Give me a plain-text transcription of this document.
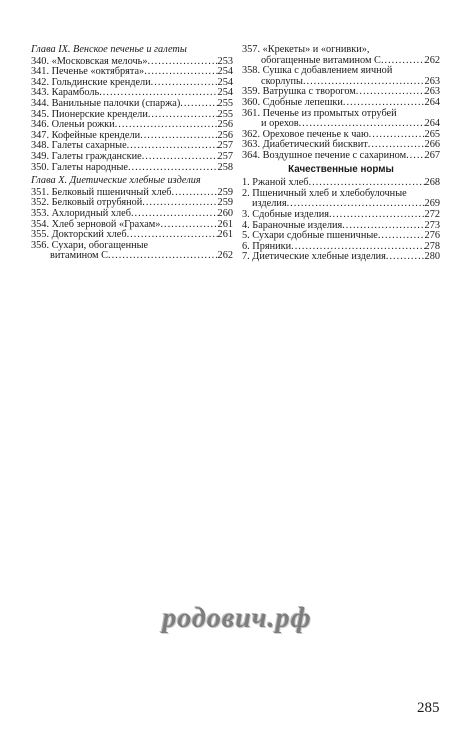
Глава IX. Венское печенье и галеты
340. «Московская мелочь» .....	253
341. Печенье «октябрята» .....	254
342. Гольдинские крендели .....	254
343. Карамболь .....	254
344. Ванильные палочки (спаржа) .....	255
345. Пионерские крендели .....	255
346. Оленьи рожки .....	256
347. Кофейные крендели .....	256
348. Галеты сахарные .....	257
349. Галеты гражданские .....	257
350. Галеты народные .....	258
Глава X. Диетические хлебные изделия
351. Белковый пшеничный хлеб .....	259
352. Белковый отрубяной .....	259
353. Ахлоридный хлеб .....	260
354. Хлеб зерновой «Грахам» .....	261
355. Докторский хлеб .....	261
356. Сухари, обогащенные
витамином С .....	262
357. «Крекеты» и «огнивки»,
обогащенные витамином С .....	262
358. Сушка с добавлением яичной
скорлупы .....	263
359. Ватрушка с творогом .....	263
360. Сдобные лепешки .....	264
361. Печенье из промытых отрубей
и орехов .....	264
362. Ореховое печенье к чаю .....	265
363. Диабетический бисквит .....	266
364. Воздушное печение с сахарином ..... 267
Качественные нормы
1. Ржаной хлеб .....	268
2. Пшеничный хлеб и хлебобулочные
изделия .....	269
3. Сдобные изделия .....	272
4. Бараночные изделия .....	273
5. Сухари сдобные пшеничные .....	276
6. Пряники .....	278
7. Диетические хлебные изделия .....	280
родович.рф
285
